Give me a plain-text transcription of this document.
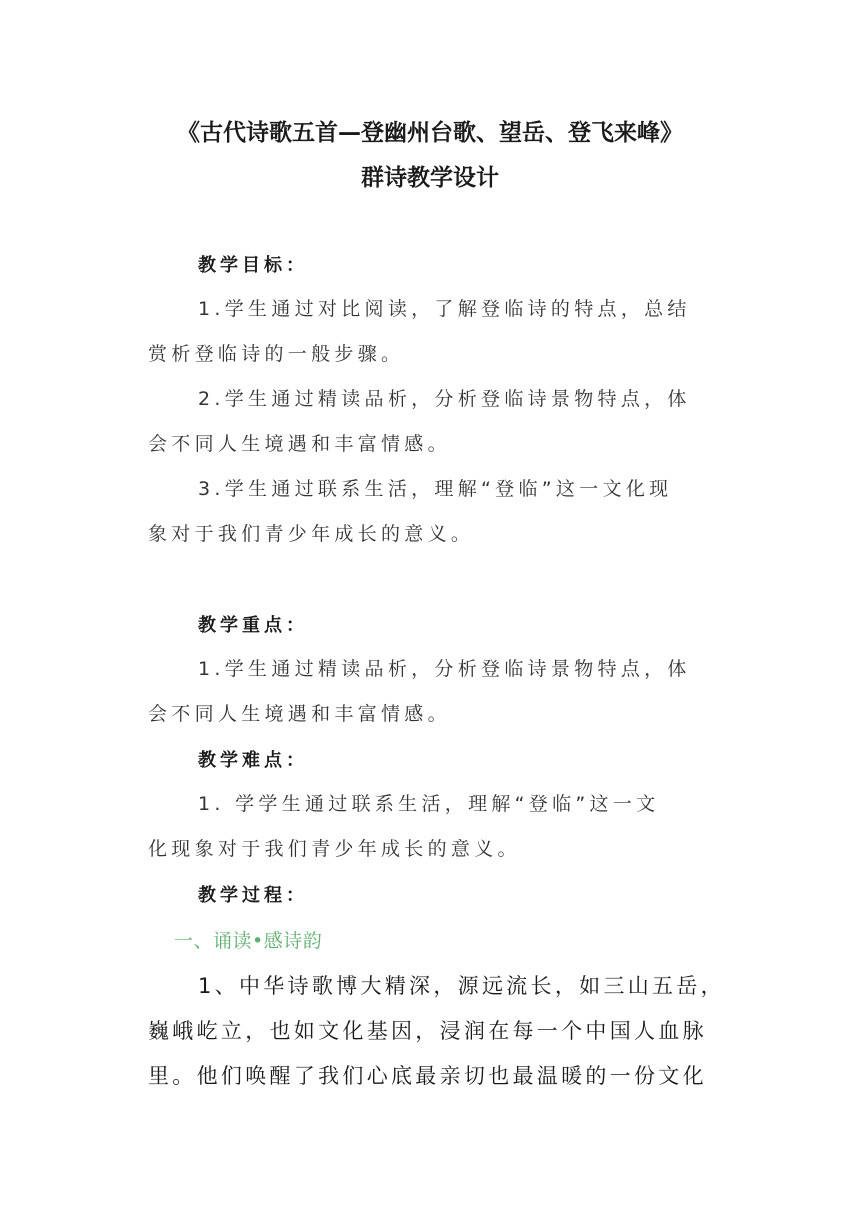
《古代诗歌五首—登幽州台歌、望岳、登飞来峰》
群诗教学设计
教学目标：
1.学生通过对比阅读，了解登临诗的特点，总结
赏析登临诗的一般步骤。
2.学生通过精读品析，分析登临诗景物特点，体
会不同人生境遇和丰富情感。
3.学生通过联系生活，理解“登临”这一文化现
象对于我们青少年成长的意义。
教学重点：
1.学生通过精读品析，分析登临诗景物特点，体
会不同人生境遇和丰富情感。
教学难点：
1. 学学生通过联系生活，理解“登临”这一文
化现象对于我们青少年成长的意义。
教学过程：
一、诵读•感诗韵
1、中华诗歌博大精深，源远流长，如三山五岳，
巍峨屹立，也如文化基因，浸润在每一个中国人血脉
里。他们唤醒了我们心底最亲切也最温暖的一份文化
